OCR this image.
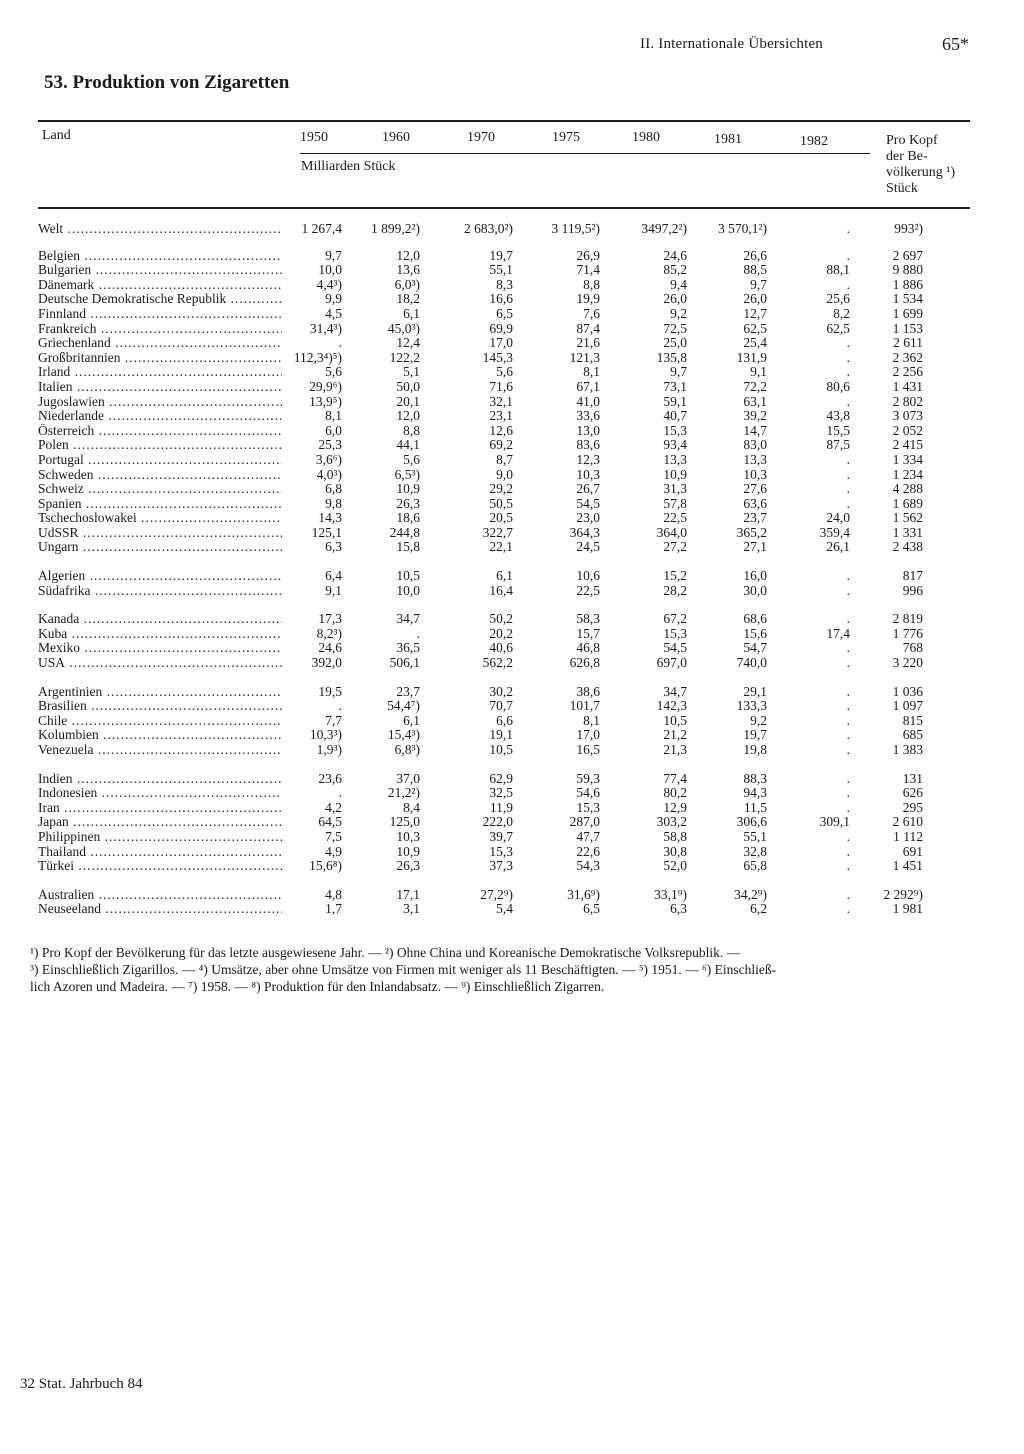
II. Internationale Übersichten	65*
53. Produktion von Zigaretten
Land	1950	1960	1970	1975	1980	1981	1982
Milliarden Stück
Pro Kopf
der Be-
völkerung ¹)
Stück
Welt .....	1 267,4	1 899,2²)	2 683,0²)	3 119,5²)	3497,2²)	3 570,1²)	.	993²)
Belgien .....	9,7	12,0	19,7	26,9	24,6	26,6	.	2 697
Bulgarien .....	10,0	13,6	55,1	71,4	85,2	88,5	88,1	9 880
Dänemark .....	4,4³)	6,0³)	8,3	8,8	9,4	9,7	.	1 886
Deutsche Demokratische Republik .....	9,9	18,2	16,6	19,9	26,0	26,0	25,6	1 534
Finnland .....	4,5	6,1	6,5	7,6	9,2	12,7	8,2	1 699
Frankreich .....	31,4³)	45,0³)	69,9	87,4	72,5	62,5	62,5	1 153
Griechenland .....	.	12,4	17,0	21,6	25,0	25,4	.	2 611
Großbritannien .....	112,3⁴)⁵)	122,2	145,3	121,3	135,8	131,9	.	2 362
Irland .....	5,6	5,1	5,6	8,1	9,7	9,1	.	2 256
Italien .....	29,9⁶)	50,0	71,6	67,1	73,1	72,2	80,6	1 431
Jugoslawien .....	13,9⁵)	20,1	32,1	41,0	59,1	63,1	.	2 802
Niederlande .....	8,1	12,0	23,1	33,6	40,7	39,2	43,8	3 073
Österreich .....	6,0	8,8	12,6	13,0	15,3	14,7	15,5	2 052
Polen .....	25,3	44,1	69,2	83,6	93,4	83,0	87,5	2 415
Portugal .....	3,6⁶)	5,6	8,7	12,3	13,3	13,3	.	1 334
Schweden .....	4,0³)	6,5³)	9,0	10,3	10,9	10,3	.	1 234
Schweiz .....	6,8	10,9	29,2	26,7	31,3	27,6	.	4 288
Spanien .....	9,8	26,3	50,5	54,5	57,8	63,6	.	1 689
Tschechoslowakei .....	14,3	18,6	20,5	23,0	22,5	23,7	24,0	1 562
UdSSR .....	125,1	244,8	322,7	364,3	364,0	365,2	359,4	1 331
Ungarn .....	6,3	15,8	22,1	24,5	27,2	27,1	26,1	2 438
Algerien .....	6,4	10,5	6,1	10,6	15,2	16,0	.	817
Südafrika .....	9,1	10,0	16,4	22,5	28,2	30,0	.	996
Kanada .....	17,3	34,7	50,2	58,3	67,2	68,6	.	2 819
Kuba .....	8,2³)	.	20,2	15,7	15,3	15,6	17,4	1 776
Mexiko .....	24,6	36,5	40,6	46,8	54,5	54,7	.	768
USA .....	392,0	506,1	562,2	626,8	697,0	740,0	.	3 220
Argentinien .....	19,5	23,7	30,2	38,6	34,7	29,1	.	1 036
Brasilien .....	.	54,4⁷)	70,7	101,7	142,3	133,3	.	1 097
Chile .....	7,7	6,1	6,6	8,1	10,5	9,2	.	815
Kolumbien .....	10,3³)	15,4³)	19,1	17,0	21,2	19,7	.	685
Venezuela .....	1,9³)	6,8³)	10,5	16,5	21,3	19,8	.	1 383
Indien .....	23,6	37,0	62,9	59,3	77,4	88,3	.	131
Indonesien .....	.	21,2²)	32,5	54,6	80,2	94,3	.	626
Iran .....	4,2	8,4	11,9	15,3	12,9	11,5	.	295
Japan .....	64,5	125,0	222,0	287,0	303,2	306,6	309,1	2 610
Philippinen .....	7,5	10,3	39,7	47,7	58,8	55,1	.	1 112
Thailand .....	4,9	10,9	15,3	22,6	30,8	32,8	.	691
Türkei .....	15,6⁸)	26,3	37,3	54,3	52,0	65,8	.	1 451
Australien .....	4,8	17,1	27,2⁹)	31,6⁹)	33,1⁹)	34,2⁹)	.	2 292⁹)
Neuseeland .....	1,7	3,1	5,4	6,5	6,3	6,2	.	1 981

¹) Pro Kopf der Bevölkerung für das letzte ausgewiesene Jahr. — ²) Ohne China und Koreanische Demokratische Volksrepublik. —

³) Einschließlich Zigarillos. — ⁴) Umsätze, aber ohne Umsätze von Firmen mit weniger als 11 Beschäftigten. — ⁵) 1951. — ⁶) Einschließ-

lich Azoren und Madeira. — ⁷) 1958. — ⁸) Produktion für den Inlandabsatz. — ⁹) Einschließlich Zigarren.

32 Stat. Jahrbuch 84
